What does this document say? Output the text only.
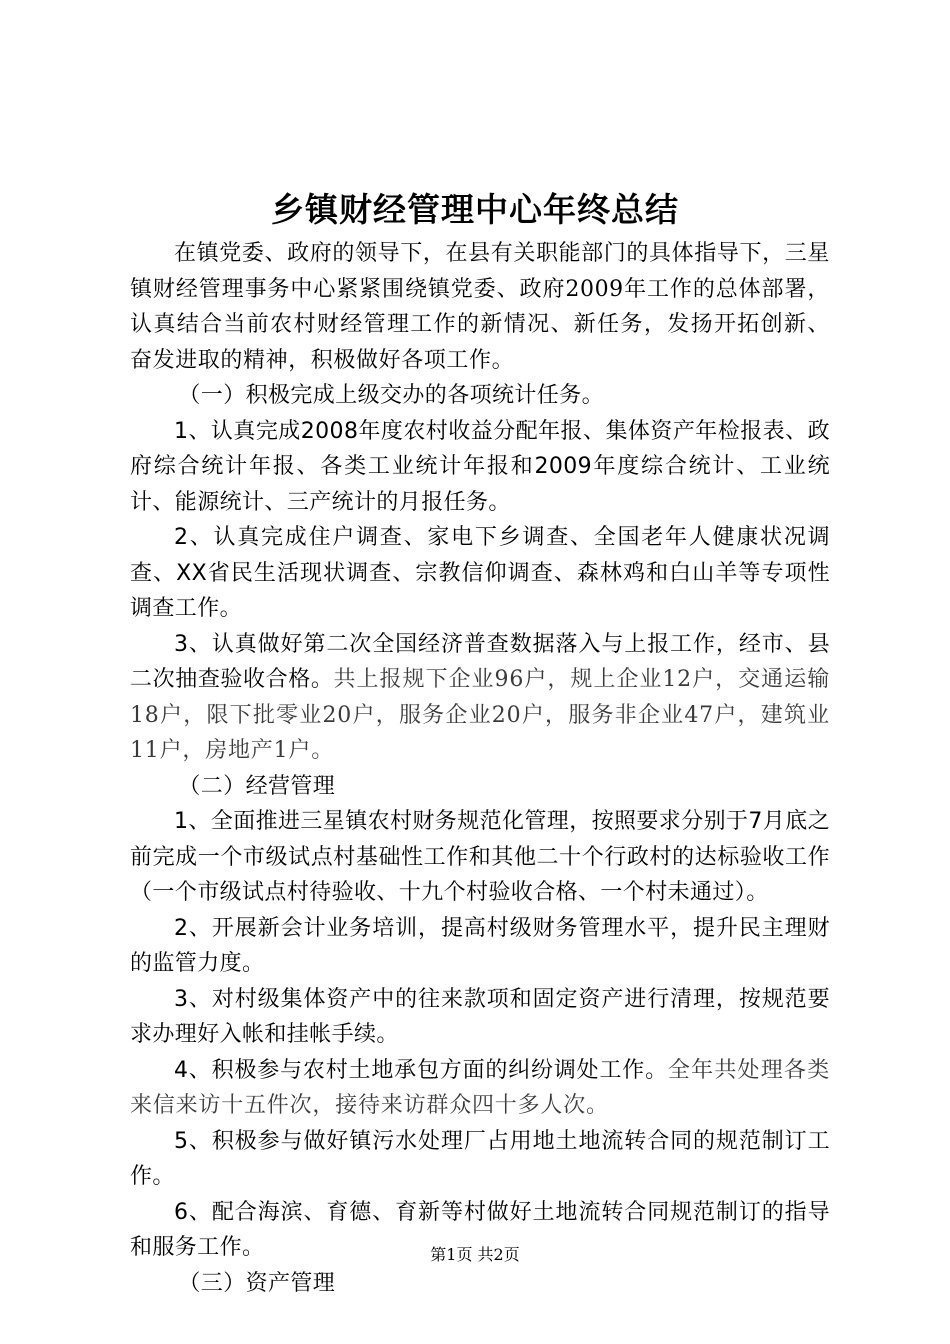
乡镇财经管理中心年终总结

在镇党委、政府的领导下，在县有关职能部门的具体指导下，三星镇财经管理事务中心紧紧围绕镇党委、政府2009年工作的总体部署，认真结合当前农村财经管理工作的新情况、新任务，发扬开拓创新、奋发进取的精神，积极做好各项工作。

（一）积极完成上级交办的各项统计任务。

1、认真完成2008年度农村收益分配年报、集体资产年检报表、政府综合统计年报、各类工业统计年报和2009年度综合统计、工业统计、能源统计、三产统计的月报任务。

2、认真完成住户调查、家电下乡调查、全国老年人健康状况调查、XX省民生活现状调查、宗教信仰调查、森林鸡和白山羊等专项性调查工作。

3、认真做好第二次全国经济普查数据落入与上报工作，经市、县二次抽查验收合格。共上报规下企业96户，规上企业12户，交通运输18户，限下批零业20户，服务企业20户，服务非企业47户，建筑业11户，房地产1户。

（二）经营管理

1、全面推进三星镇农村财务规范化管理，按照要求分别于7月底之前完成一个市级试点村基础性工作和其他二十个行政村的达标验收工作（一个市级试点村待验收、十九个村验收合格、一个村未通过）。

2、开展新会计业务培训，提高村级财务管理水平，提升民主理财的监管力度。

3、对村级集体资产中的往来款项和固定资产进行清理，按规范要求办理好入帐和挂帐手续。

4、积极参与农村土地承包方面的纠纷调处工作。全年共处理各类来信来访十五件次，接待来访群众四十多人次。

5、积极参与做好镇污水处理厂占用地土地流转合同的规范制订工作。

6、配合海滨、育德、育新等村做好土地流转合同规范制订的指导和服务工作。

（三）资产管理

第1页 共2页
